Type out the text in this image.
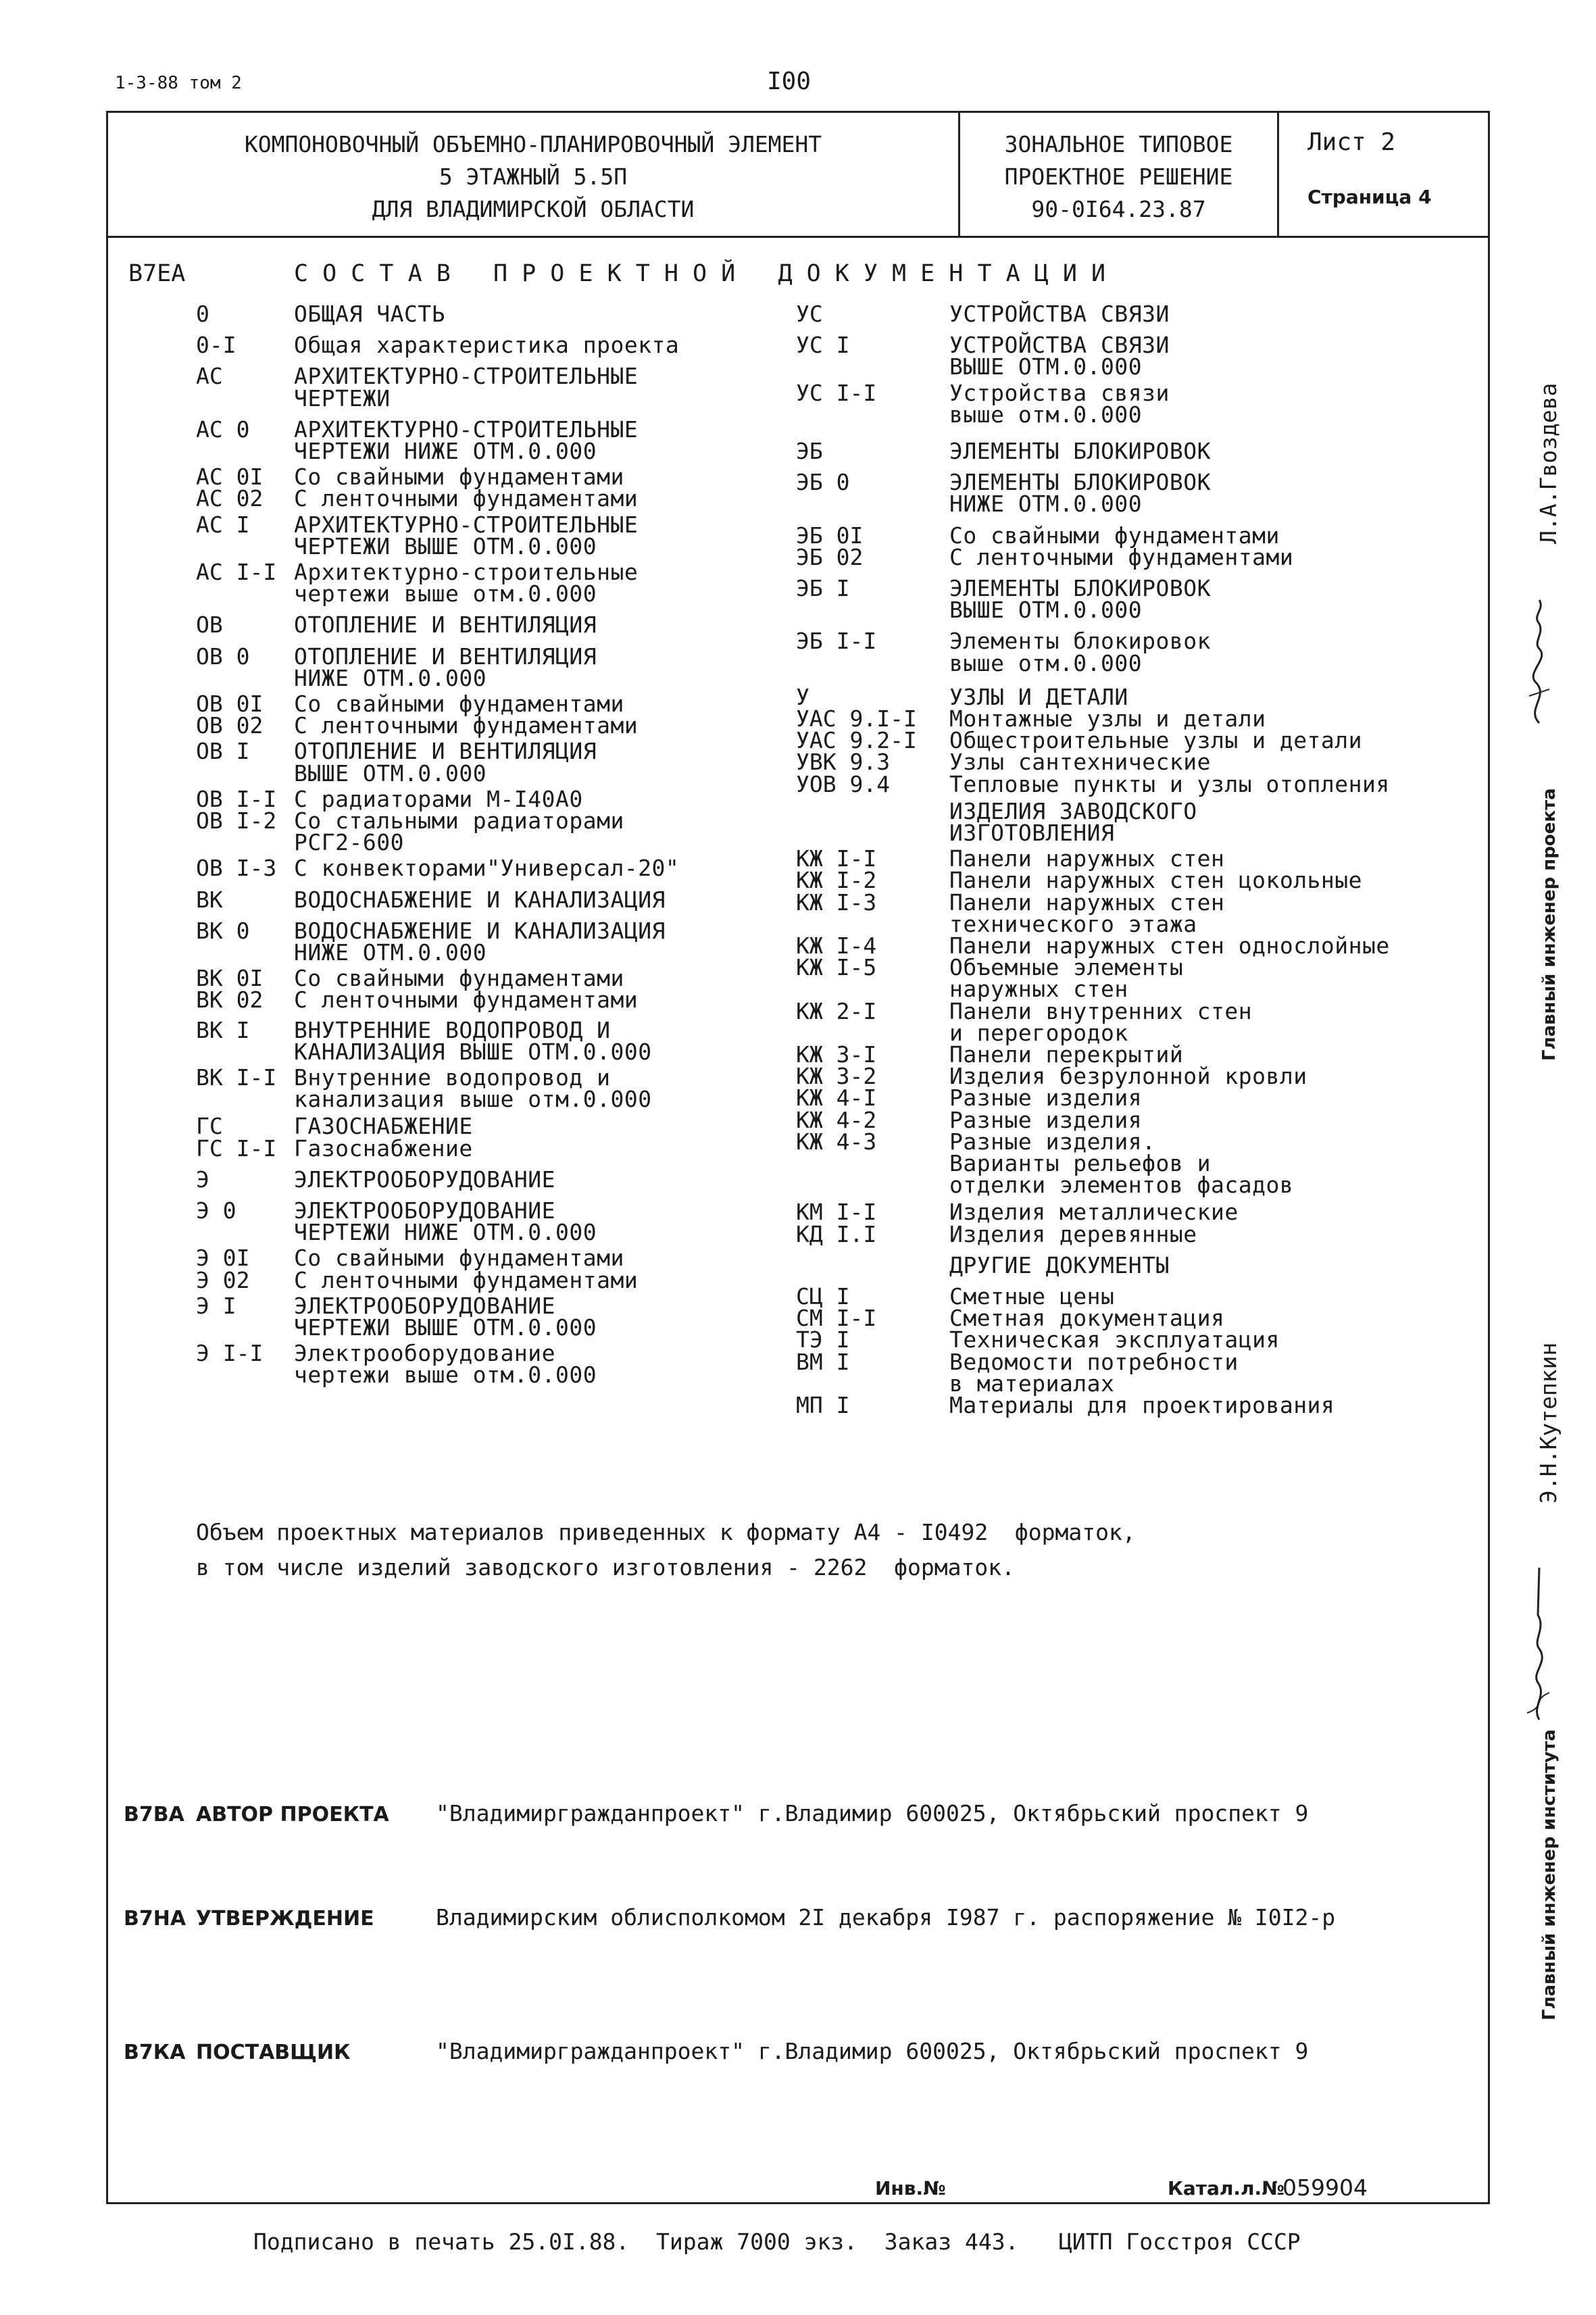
1-3-88 том 2	I00
КОМПОНОВОЧНЫЙ ОБЪЕМНО-ПЛАНИРОВОЧНЫЙ ЭЛЕМЕНТ
5 ЭТАЖНЫЙ 5.5П
ДЛЯ ВЛАДИМИРСКОЙ ОБЛАСТИ
ЗОНАЛЬНОЕ ТИПОВОЕ
ПРОЕКТНОЕ РЕШЕНИЕ
90-0I64.23.87
Лист 2
Страница 4
В7ЕА	С О С Т А В   П Р О Е К Т Н О Й   Д О К У М Е Н Т А Ц И И
0	ОБЩАЯ ЧАСТЬ
0-I	Общая характеристика проекта
АС	АРХИТЕКТУРНО-СТРОИТЕЛЬНЫЕ
ЧЕРТЕЖИ
АС 0 АРХИТЕКТУРНО-СТРОИТЕЛЬНЫЕ
ЧЕРТЕЖИ НИЖЕ ОТМ.0.000
АС 0I Со свайными фундаментами
АС 02 С ленточными фундаментами
АС I АРХИТЕКТУРНО-СТРОИТЕЛЬНЫЕ
ЧЕРТЕЖИ ВЫШЕ ОТМ.0.000
АС I-I Архитектурно-строительные
чертежи выше отм.0.000
ОВ	ОТОПЛЕНИЕ И ВЕНТИЛЯЦИЯ
ОВ 0 ОТОПЛЕНИЕ И ВЕНТИЛЯЦИЯ
НИЖЕ ОТМ.0.000
ОВ 0I Со свайными фундаментами
ОВ 02 С ленточными фундаментами
ОВ I ОТОПЛЕНИЕ И ВЕНТИЛЯЦИЯ
ВЫШЕ ОТМ.0.000
ОВ I-I С радиаторами М-I40А0
ОВ I-2 Со стальными радиаторами
РСГ2-600
ОВ I-3 С конвекторами"Универсал-20"
ВК	ВОДОСНАБЖЕНИЕ И КАНАЛИЗАЦИЯ
ВК 0 ВОДОСНАБЖЕНИЕ И КАНАЛИЗАЦИЯ
НИЖЕ ОТМ.0.000
ВК 0I Со свайными фундаментами
ВК 02 С ленточными фундаментами
ВК I ВНУТРЕННИЕ ВОДОПРОВОД И
КАНАЛИЗАЦИЯ ВЫШЕ ОТМ.0.000
ВК I-I Внутренние водопровод и
канализация выше отм.0.000
ГС	ГАЗОСНАБЖЕНИЕ
ГС I-I Газоснабжение
Э	ЭЛЕКТРООБОРУДОВАНИЕ
Э 0	ЭЛЕКТРООБОРУДОВАНИЕ
ЧЕРТЕЖИ НИЖЕ ОТМ.0.000
Э 0I Со свайными фундаментами
Э 02 С ленточными фундаментами
Э I	ЭЛЕКТРООБОРУДОВАНИЕ
ЧЕРТЕЖИ ВЫШЕ ОТМ.0.000
Э I-I Электрооборудование
чертежи выше отм.0.000
УС	УСТРОЙСТВА СВЯЗИ
УС I	УСТРОЙСТВА СВЯЗИ
ВЫШЕ ОТМ.0.000
УС I-I	Устройства связи
выше отм.0.000
ЭБ	ЭЛЕМЕНТЫ БЛОКИРОВОК
ЭБ 0	ЭЛЕМЕНТЫ БЛОКИРОВОК
НИЖЕ ОТМ.0.000
ЭБ 0I	Со свайными фундаментами
ЭБ 02	С ленточными фундаментами
ЭБ I	ЭЛЕМЕНТЫ БЛОКИРОВОК
ВЫШЕ ОТМ.0.000
ЭБ I-I	Элементы блокировок
выше отм.0.000
У	УЗЛЫ И ДЕТАЛИ
УАС 9.I-I Монтажные узлы и детали
УАС 9.2-I Общестроительные узлы и детали
УВК 9.3	Узлы сантехнические
УОВ 9.4	Тепловые пункты и узлы отопления
ИЗДЕЛИЯ ЗАВОДСКОГО
ИЗГОТОВЛЕНИЯ
КЖ I-I	Панели наружных стен
КЖ I-2	Панели наружных стен цокольные
КЖ I-3	Панели наружных стен
технического этажа
КЖ I-4	Панели наружных стен однослойные
КЖ I-5	Объемные элементы
наружных стен
КЖ 2-I	Панели внутренних стен
и перегородок
КЖ 3-I	Панели перекрытий
КЖ 3-2	Изделия безрулонной кровли
КЖ 4-I	Разные изделия
КЖ 4-2	Разные изделия
КЖ 4-3	Разные изделия.
Варианты рельефов и
отделки элементов фасадов
КМ I-I	Изделия металлические
КД I.I	Изделия деревянные
ДРУГИЕ ДОКУМЕНТЫ
СЦ I	Сметные цены
СМ I-I	Сметная документация
ТЭ I	Техническая эксплуатация
ВМ I	Ведомости потребности
в материалах
МП I	Материалы для проектирования
Объем проектных материалов приведенных к формату А4 - I0492  форматок,
в том числе изделий заводского изготовления - 2262  форматок.
В7ВА АВТОР ПРОЕКТА "Владимиргражданпроект" г.Владимир 600025, Октябрьский проспект 9
В7НА УТВЕРЖДЕНИЕ	Владимирским облисполкомом 2I декабря I987 г. распоряжение № I0I2-р
В7КА ПОСТАВЩИК	"Владимиргражданпроект" г.Владимир 600025, Октябрьский проспект 9
Инв.№	Катал.л.№
059904
Подписано в печать 25.0I.88.  Тираж 7000 экз.  Заказ 443.   ЦИТП Госстроя СССР
Главный инженер проекта
Л.А.Гвоздева
Главный инженер института
Э.Н.Кутепкин
